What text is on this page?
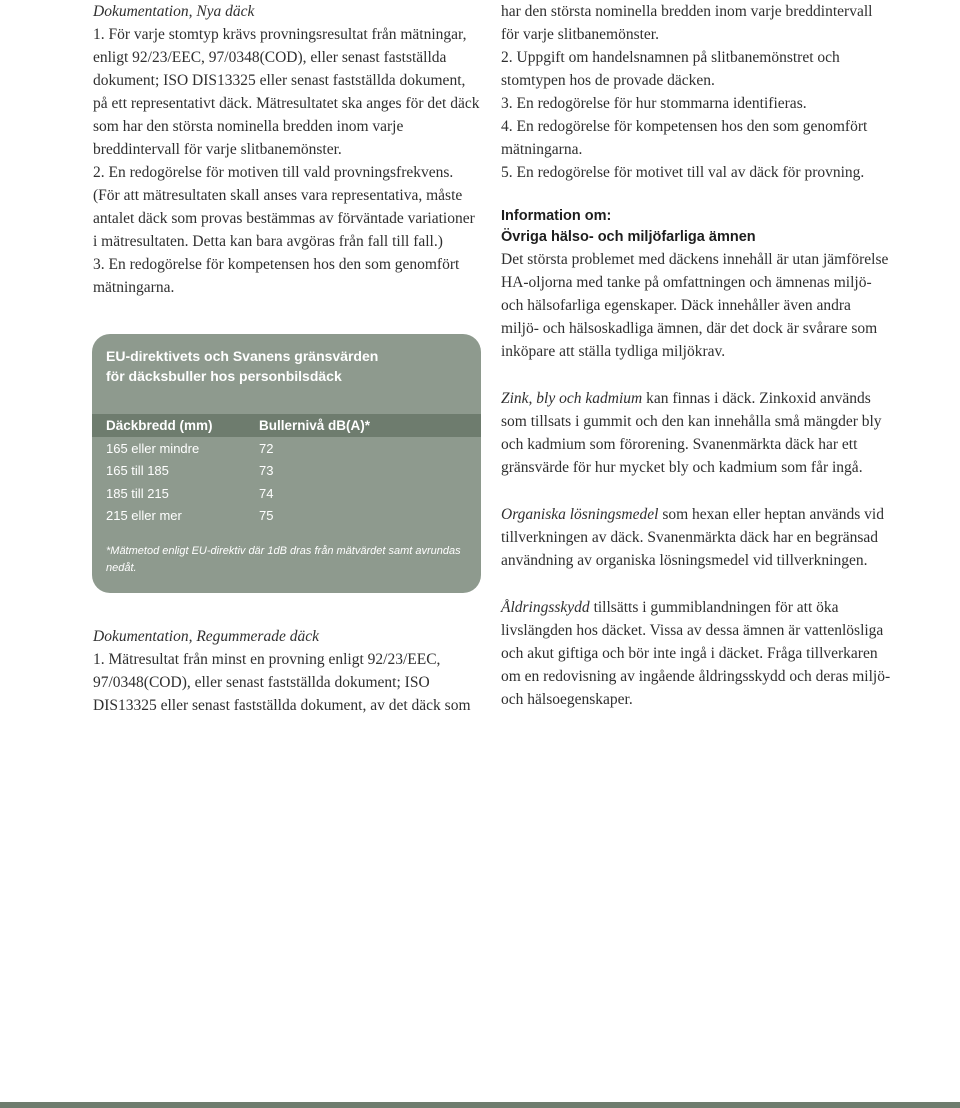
Dokumentation, Nya däck

1. För varje stomtyp krävs provningsresultat från mätningar, enligt 92/23/EEC, 97/0348(COD), eller senast fastställda dokument; ISO DIS13325 eller senast fastställda dokument, på ett representativt däck. Mätresultatet ska anges för det däck som har den största nominella bredden inom varje breddintervall för varje slitbanemönster.

2. En redogörelse för motiven till vald provningsfrekvens. (För att mätresultaten skall anses vara representativa, måste antalet däck som provas bestämmas av förväntade variationer i mätresultaten. Detta kan bara avgöras från fall till fall.)

3. En redogörelse för kompetensen hos den som genomfört mätningarna.

EU-direktivets och Svanens gränsvärden
för däcksbuller hos personbilsdäck
Däckbredd (mm)	Bullernivå dB(A)*
165 eller mindre	72
165 till 185	73
185 till 215	74
215 eller mer	75
*Mätmetod enligt EU-direktiv där 1dB dras från mätvärdet samt avrundas nedåt.

Dokumentation, Regummerade däck

1. Mätresultat från minst en provning enligt 92/23/EEC, 97/0348(COD), eller senast fastställda dokument; ISO DIS13325 eller senast fastställda dokument, av det däck som

har den största nominella bredden inom varje breddintervall för varje slitbanemönster.

2. Uppgift om handelsnamnen på slitbanemönstret och stomtypen hos de provade däcken.

3. En redogörelse för hur stommarna identifieras.

4. En redogörelse för kompetensen hos den som genomfört mätningarna.

5. En redogörelse för motivet till val av däck för provning.

Information om:
Övriga hälso- och miljöfarliga ämnen

Det största problemet med däckens innehåll är utan jämförelse HA-oljorna med tanke på omfattningen och ämnenas miljö- och hälsofarliga egenskaper. Däck innehåller även andra miljö- och hälsoskadliga ämnen, där det dock är svårare som inköpare att ställa tydliga miljökrav.

Zink, bly och kadmium kan finnas i däck. Zinkoxid används som tillsats i gummit och den kan innehålla små mängder bly och kadmium som förorening. Svanenmärkta däck har ett gränsvärde för hur mycket bly och kadmium som får ingå.

Organiska lösningsmedel som hexan eller heptan används vid tillverkningen av däck. Svanenmärkta däck har en begränsad användning av organiska lösningsmedel vid tillverkningen.

Åldringsskydd tillsätts i gummiblandningen för att öka livslängden hos däcket. Vissa av dessa ämnen är vattenlösliga och akut giftiga och bör inte ingå i däcket. Fråga tillverkaren om en redovisning av ingående åldringsskydd och deras miljö- och hälsoegenskaper.
